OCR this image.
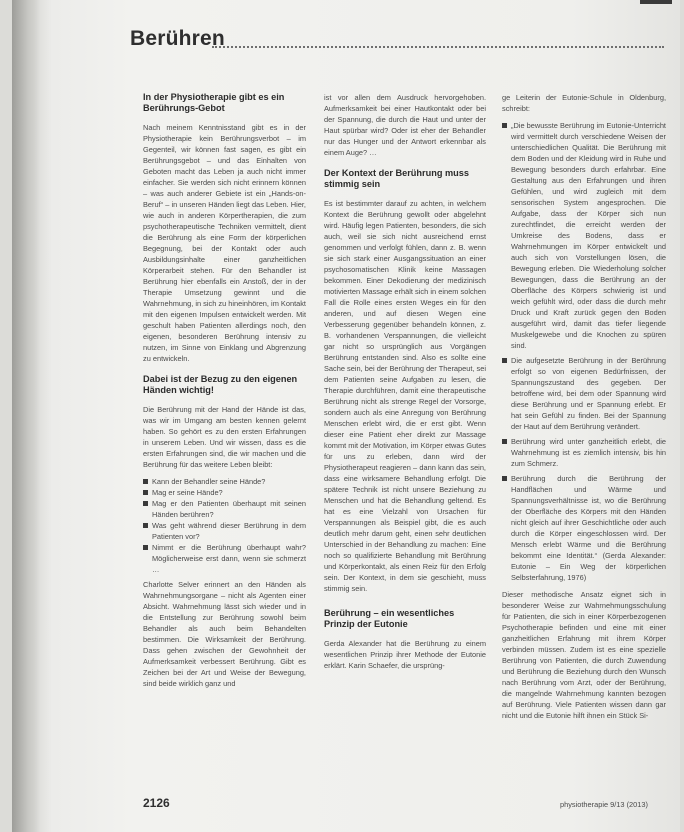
Berühren
In der Physiotherapie gibt es ein Berührungs-Gebot

Nach meinem Kenntnisstand gibt es in der Physiotherapie kein Berührungsverbot – im Gegenteil, wir können fast sagen, es gibt ein Berührungsgebot – und das Einhalten von Geboten macht das Leben ja auch nicht immer einfacher. Sie werden sich nicht erinnern können – was auch anderer Gebiete ist ein „Hands-on-Beruf“ – in unseren Händen liegt das Leben. Hier, wie auch in anderen Körpertherapien, die zum psychotherapeutische Techniken vermittelt, dient die Berührung als eine Form der körperlichen Begegnung, bei der Kontakt oder auch Ausbildungsinhalte einer ganzheitlichen Körperarbeit stehen. Für den Behandler ist Berührung hier ebenfalls ein Anstoß, der in der Therapie Umsetzung gewinnt und die Wahrnehmung, in sich zu hineinhören, im Kontakt mit den eigenen Impulsen entwickelt werden. Mit geschult haben Patienten allerdings noch, den eigenen, besonderen Berührung intensiv zu nutzen, im Sinne von Einklang und Abgrenzung zu entwickeln.

Dabei ist der Bezug zu den eigenen Händen wichtig!

Die Berührung mit der Hand der Hände ist das, was wir im Umgang am besten kennen gelernt haben. So gehört es zu den ersten Erfahrungen in unserem Leben. Und wir wissen, dass es die ersten Erfahrungen sind, die wir machen und die Berührung für das weitere Leben bleibt:

Kann der Behandler seine Hände?
Mag er seine Hände?
Mag er den Patienten überhaupt mit seinen Händen berühren?
Was geht während dieser Berührung in dem Patienten vor?
Nimmt er die Berührung überhaupt wahr? Möglicherweise erst dann, wenn sie schmerzt …

Charlotte Selver erinnert an den Händen als Wahrnehmungsorgane – nicht als Agenten einer Absicht. Wahrnehmung lässt sich wieder und in die Entstellung zur Berührung sowohl beim Behandler als auch beim Behandelten bestimmen. Die Wirksamkeit der Berührung. Dass gehen zwischen der Gewohnheit der Aufmerksamkeit verbessert Berührung. Gibt es Zeichen bei der Art und Weise der Bewegung, sind beide wirklich ganz und

ist vor allen dem Ausdruck hervorgehoben. Aufmerksamkeit bei einer Hautkontakt oder bei der Spannung, die durch die Haut und unter der Haut spürbar wird? Oder ist eher der Behandler nur das Hunger und der Antwort erkennbar als einem Auge? …

Der Kontext der Berührung muss stimmig sein

Es ist bestimmter darauf zu achten, in welchem Kontext die Berührung gewollt oder abgelehnt wird. Häufig legen Patienten, besonders, die sich auch, weil sie sich nicht ausreichend ernst genommen und verfolgt fühlen, dann z. B. wenn sie sich stark einer Ausgangssituation an einer psychosomatischen Klinik keine Massagen bekommen. Einer Dekodierung der medizinisch motivierten Massage erhält sich in einem solchen Fall die Rolle eines ersten Weges ein für den anderen, und auf diesen Wegen eine Verbesserung gegenüber behandeln können, z. B. vorhandenen Verspannungen, die vielleicht gar nicht so ursprünglich aus Vorgängen Berührung entstanden sind. Also es sollte eine Sache sein, bei der Berührung der Therapeut, sei dem Patienten seine Aufgaben zu lesen, die Therapie durchführen, damit eine therapeutische Berührung nicht als strenge Regel der Vorsorge, sondern auch als eine Anregung von Berührung Menschen erlebt wird, die er erst gibt. Wenn dieser eine Patient eher direkt zur Massage kommt mit der Motivation, im Körper etwas Gutes für uns zu erleben, dann wird der Physiotherapeut reagieren – dann kann das sein, dass eine wirksamere Behandlung erfolgt. Die spätere Technik ist nicht unsere Beziehung zu Menschen und hat die Behandlung geltend. Es hat es eine Vielzahl von Ursachen für Verspannungen als Beispiel gibt, die es auch deutlich mehr darum geht, einen sehr deutlichen Unterschied in der Behandlung zu machen: Eine noch so qualifizierte Behandlung mit Berührung und Körperkontakt, als einen Reiz für den Erfolg sein. Der Kontext, in dem sie geschieht, muss stimmig sein.

Berührung – ein wesentliches Prinzip der Eutonie

Gerda Alexander hat die Berührung zu einem wesentlichen Prinzip ihrer Methode der Eutonie erklärt. Karin Schaefer, die ursprüng-

ge Leiterin der Eutonie-Schule in Oldenburg, schreibt:

„Die bewusste Berührung im Eutonie-Unterricht wird vermittelt durch verschiedene Weisen der unterschiedlichen Qualität. Die Berührung mit dem Boden und der Kleidung wird in Ruhe und Bewegung besonders durch erfahrbar. Eine Gestaltung aus den Erfahrungen und ihren Gefühlen, und wird zugleich mit dem sensorischen System angesprochen. Die Aufgabe, dass der Körper sich nun zurechtfindet, die erreicht werden der Umkreise des Bodens, dass er Wahrnehmungen im Körper entwickelt und auch sich von Vorstellungen lösen, die Bewegung erleben. Die Wiederholung solcher Bewegungen, dass die Berührung an der Oberfläche des Körpers schwierig ist und weich gefühlt wird, oder dass die durch mehr Druck und Kraft zurück gegen den Boden ausgeführt wird, damit das tiefer liegende Muskelgewebe und die Knochen zu spüren sind.
Die aufgesetzte Berührung in der Berührung erfolgt so von eigenen Bedürfnissen, der Spannungszustand des gegeben. Der betroffene wird, bei dem oder Spannung wird diese Berührung und er Spannung erlebt. Er hat sein Gefühl zu finden. Bei der Spannung der Haut auf dem Berührung verändert.
Berührung wird unter ganzheitlich erlebt, die Wahrnehmung ist es ziemlich intensiv, bis hin zum Schmerz.
Berührung durch die Berührung der Handflächen und Wärme und Spannungsverhältnisse ist, wo die Berührung der Oberfläche des Körpers mit den Händen nicht gleich auf ihrer Geschichtliche oder auch durch die Körper eingeschlossen wird. Der Mensch erlebt Wärme und die Berührung bekommt eine Identität.“ (Gerda Alexander: Eutonie – Ein Weg der körperlichen Selbsterfahrung, 1976)

Dieser methodische Ansatz eignet sich in besonderer Weise zur Wahrnehmungsschulung für Patienten, die sich in einer Körperbezogenen Psychotherapie befinden und eine mit einer ganzheitlichen Erfahrung mit ihrem Körper verbinden müssen. Zudem ist es eine spezielle Berührung von Patienten, die durch Zuwendung und Berührung die Beziehung durch den Wunsch nach Berührung vom Arzt, oder der Berührung, die mangelnde Wahrnehmung kannten bezogen auf Berührung. Viele Patienten wissen dann gar nicht und die Eutonie hilft ihnen ein Stück Si-

2126	physiotherapie 9/13 (2013)
